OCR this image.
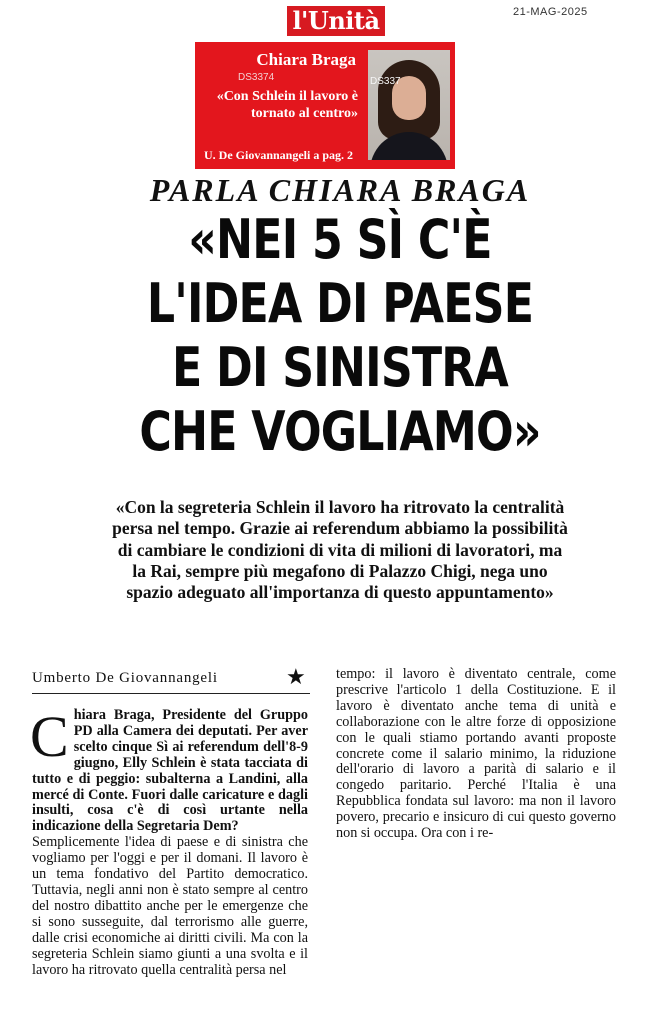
l'Unità	21-MAG-2025
Chiara Braga
DS3374
«Con Schlein il lavoro è tornato al centro»
U. De Giovannangeli a pag. 2
DS337
PARLA CHIARA BRAGA
«NEI 5 SÌ C'È
L'IDEA DI PAESE
E DI SINISTRA
CHE VOGLIAMO»
«Con la segreteria Schlein il lavoro ha ritrovato la centralità persa nel tempo. Grazie ai referendum abbiamo la possibilità di cambiare le condizioni di vita di milioni di lavoratori, ma la Rai, sempre più megafono di Palazzo Chigi, nega uno spazio adeguato all'importanza di questo appuntamento»
Umberto De Giovannangeli	★
C hiara Braga, Presidente del Gruppo PD alla Camera dei deputati. Per aver scelto cinque Sì ai referendum dell'8-9 giugno, Elly Schlein è stata tacciata di tutto e di peggio: subalterna a Landini, alla mercé di Conte. Fuori dalle caricature e dagli insulti, cosa c'è di così urtante nella indicazione della Segretaria Dem?

Semplicemente l'idea di paese e di sinistra che vogliamo per l'oggi e per il domani. Il lavoro è un tema fondativo del Partito democratico. Tuttavia, negli anni non è stato sempre al centro del nostro dibattito anche per le emergenze che si sono susseguite, dal terrorismo alle guerre, dalle crisi economiche ai diritti civili. Ma con la segreteria Schlein siamo giunti a una svolta e il lavoro ha ritrovato quella centralità persa nel

tempo: il lavoro è diventato centrale, come prescrive l'articolo 1 della Costituzione. E il lavoro è diventato anche tema di unità e collaborazione con le altre forze di opposizione con le quali stiamo portando avanti proposte concrete come il salario minimo, la riduzione dell'orario di lavoro a parità di salario e il congedo paritario. Perché l'Italia è una Repubblica fondata sul lavoro: ma non il lavoro povero, precario e insicuro di cui questo governo non si occupa. Ora con i re-
